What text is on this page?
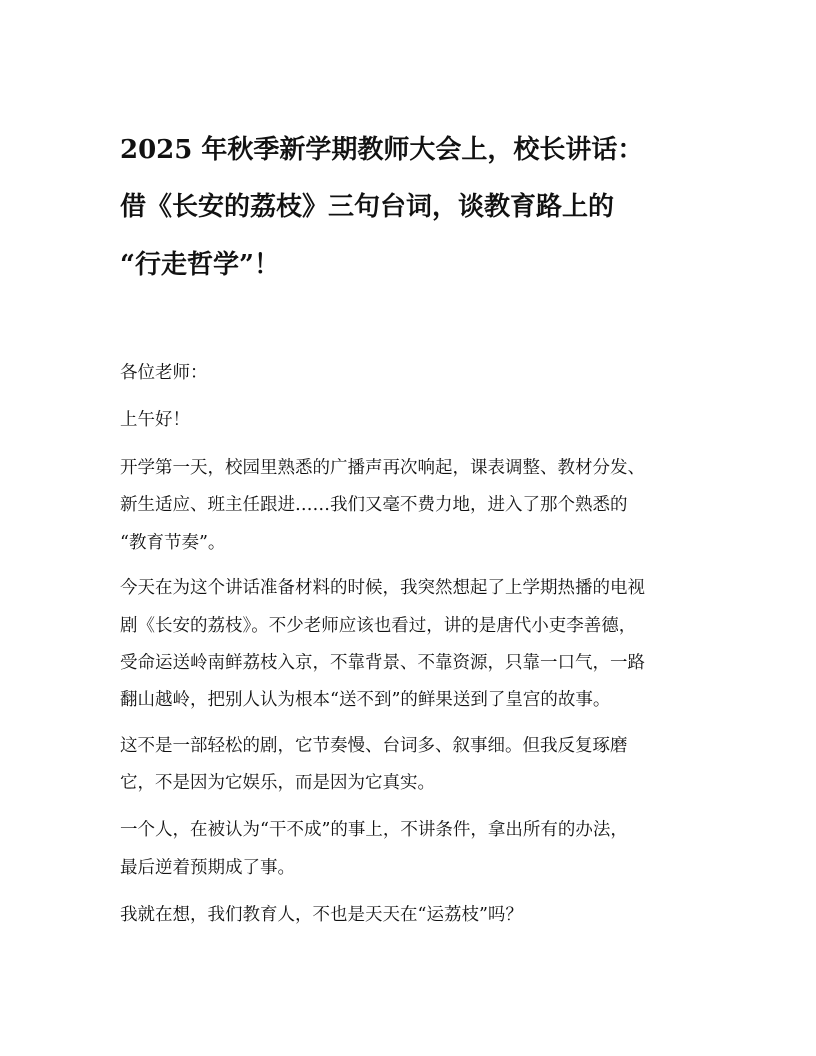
2025 年秋季新学期教师大会上，校长讲话：
借《长安的荔枝》三句台词，谈教育路上的
“行走哲学”！
各位老师：
上午好！
开学第一天，校园里熟悉的广播声再次响起，课表调整、教材分发、
新生适应、班主任跟进……我们又毫不费力地，进入了那个熟悉的
“教育节奏”。
今天在为这个讲话准备材料的时候，我突然想起了上学期热播的电视
剧《长安的荔枝》。不少老师应该也看过，讲的是唐代小吏李善德，
受命运送岭南鲜荔枝入京，不靠背景、不靠资源，只靠一口气，一路
翻山越岭，把别人认为根本“送不到”的鲜果送到了皇宫的故事。
这不是一部轻松的剧，它节奏慢、台词多、叙事细。但我反复琢磨
它，不是因为它娱乐，而是因为它真实。
一个人，在被认为“干不成”的事上，不讲条件，拿出所有的办法，
最后逆着预期成了事。
我就在想，我们教育人，不也是天天在“运荔枝”吗？
